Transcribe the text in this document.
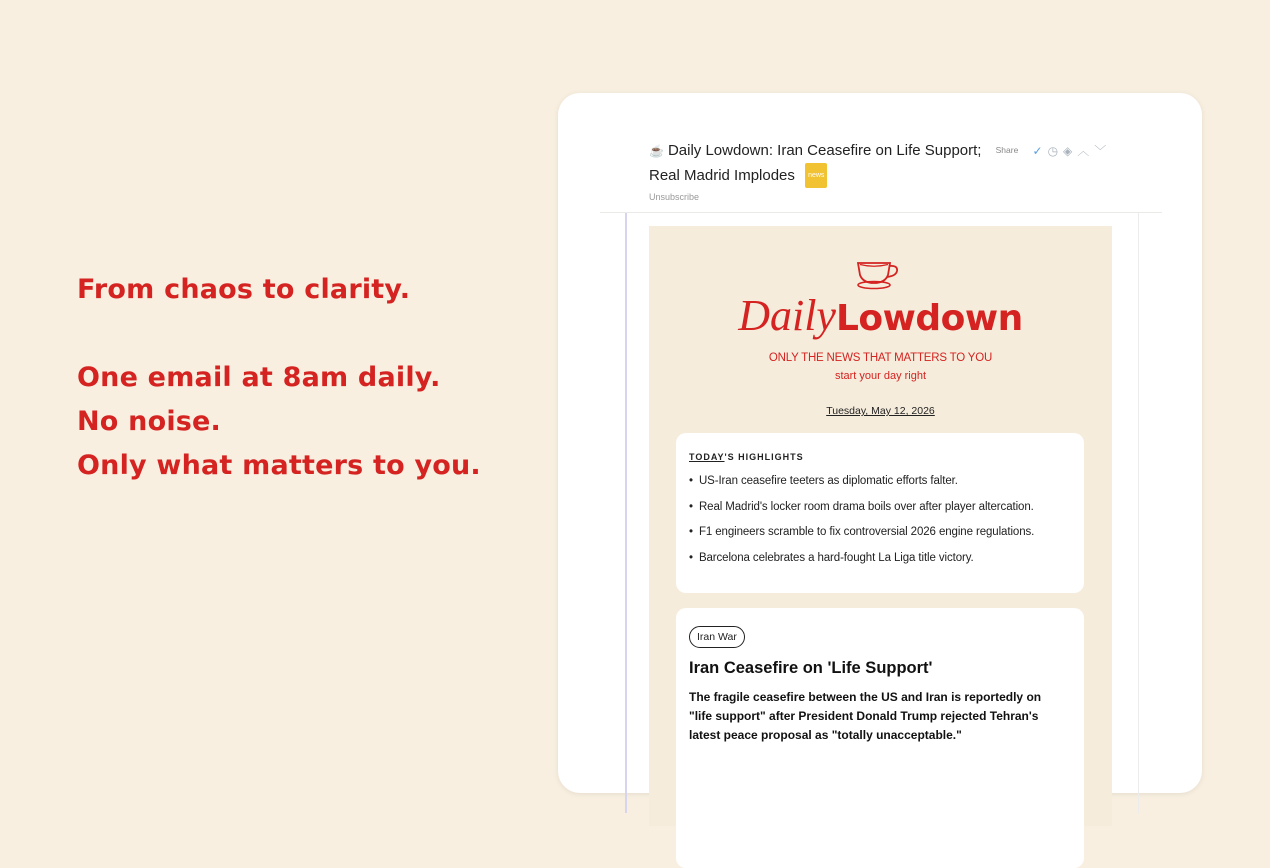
From chaos to clarity.
One email at 8am daily.
No noise.
Only what matters to you.
☕ Daily Lowdown: Iran Ceasefire on Life Support; Share ✓◷◈︿﹀
Real Madrid Implodes news
Unsubscribe
DailyLowdown
ONLY THE NEWS THAT MATTERS TO YOU
start your day right
Tuesday, May 12, 2026
TODAY'S HIGHLIGHTS
• US-Iran ceasefire teeters as diplomatic efforts falter.
• Real Madrid's locker room drama boils over after player altercation.
• F1 engineers scramble to fix controversial 2026 engine regulations.
• Barcelona celebrates a hard-fought La Liga title victory.
Iran War
Iran Ceasefire on 'Life Support'
The fragile ceasefire between the US and Iran is reportedly on "life support" after President Donald Trump rejected Tehran's latest peace proposal as "totally unacceptable."
